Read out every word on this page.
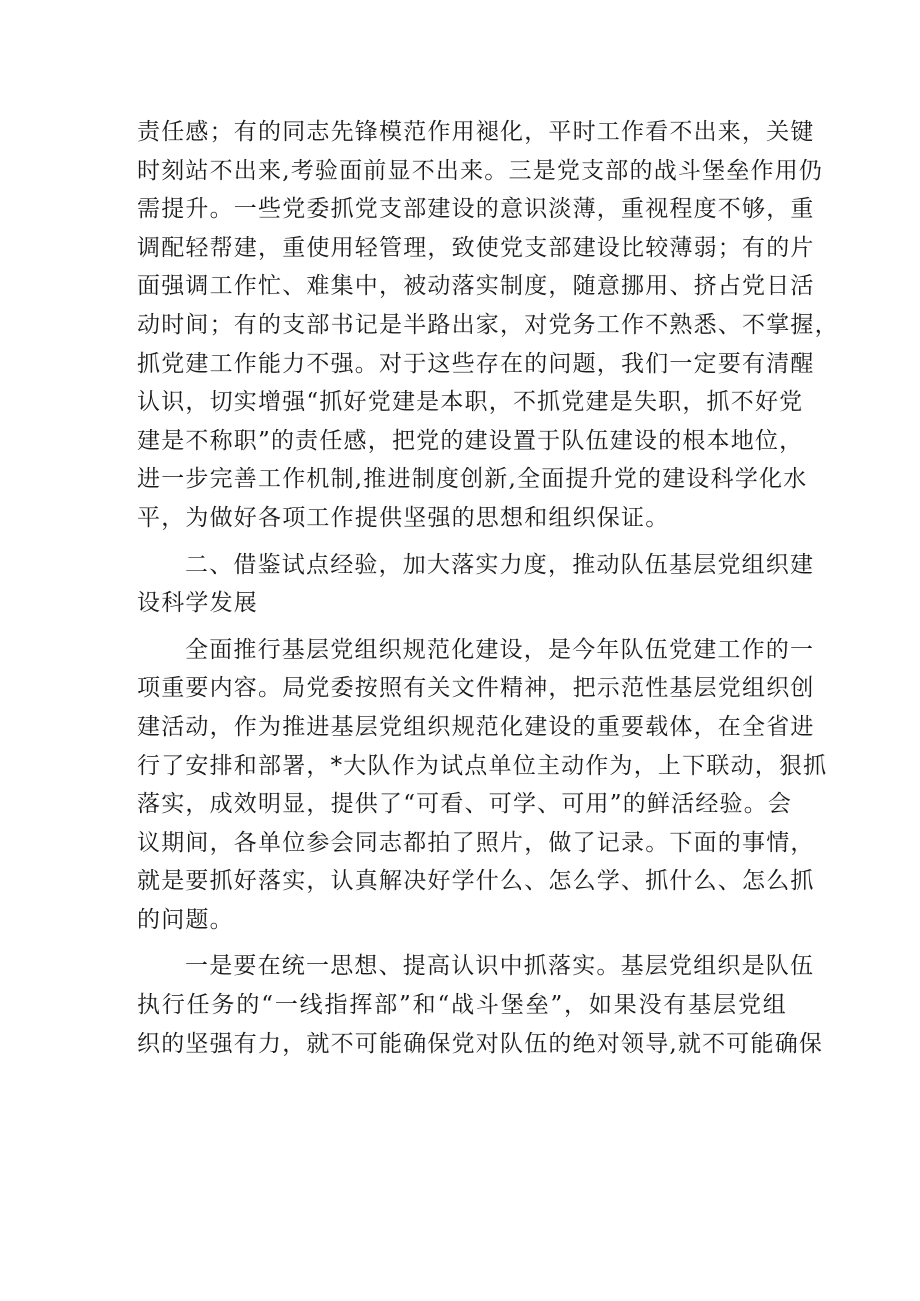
责任感；有的同志先锋模范作用褪化，平时工作看不出来，关键
时刻站不出来,考验面前显不出来。三是党支部的战斗堡垒作用仍
需提升。一些党委抓党支部建设的意识淡薄，重视程度不够，重
调配轻帮建，重使用轻管理，致使党支部建设比较薄弱；有的片
面强调工作忙、难集中，被动落实制度，随意挪用、挤占党日活
动时间；有的支部书记是半路出家，对党务工作不熟悉、不掌握，
抓党建工作能力不强。对于这些存在的问题，我们一定要有清醒
认识，切实增强“抓好党建是本职，不抓党建是失职，抓不好党
建是不称职”的责任感，把党的建设置于队伍建设的根本地位，
进一步完善工作机制,推进制度创新,全面提升党的建设科学化水
平，为做好各项工作提供坚强的思想和组织保证。
二、借鉴试点经验，加大落实力度，推动队伍基层党组织建
设科学发展
全面推行基层党组织规范化建设，是今年队伍党建工作的一
项重要内容。局党委按照有关文件精神，把示范性基层党组织创
建活动，作为推进基层党组织规范化建设的重要载体，在全省进
行了安排和部署，*大队作为试点单位主动作为，上下联动，狠抓
落实，成效明显，提供了“可看、可学、可用”的鲜活经验。会
议期间，各单位参会同志都拍了照片，做了记录。下面的事情，
就是要抓好落实，认真解决好学什么、怎么学、抓什么、怎么抓
的问题。
一是要在统一思想、提高认识中抓落实。基层党组织是队伍
执行任务的“一线指挥部”和“战斗堡垒”，如果没有基层党组
织的坚强有力，就不可能确保党对队伍的绝对领导,就不可能确保
